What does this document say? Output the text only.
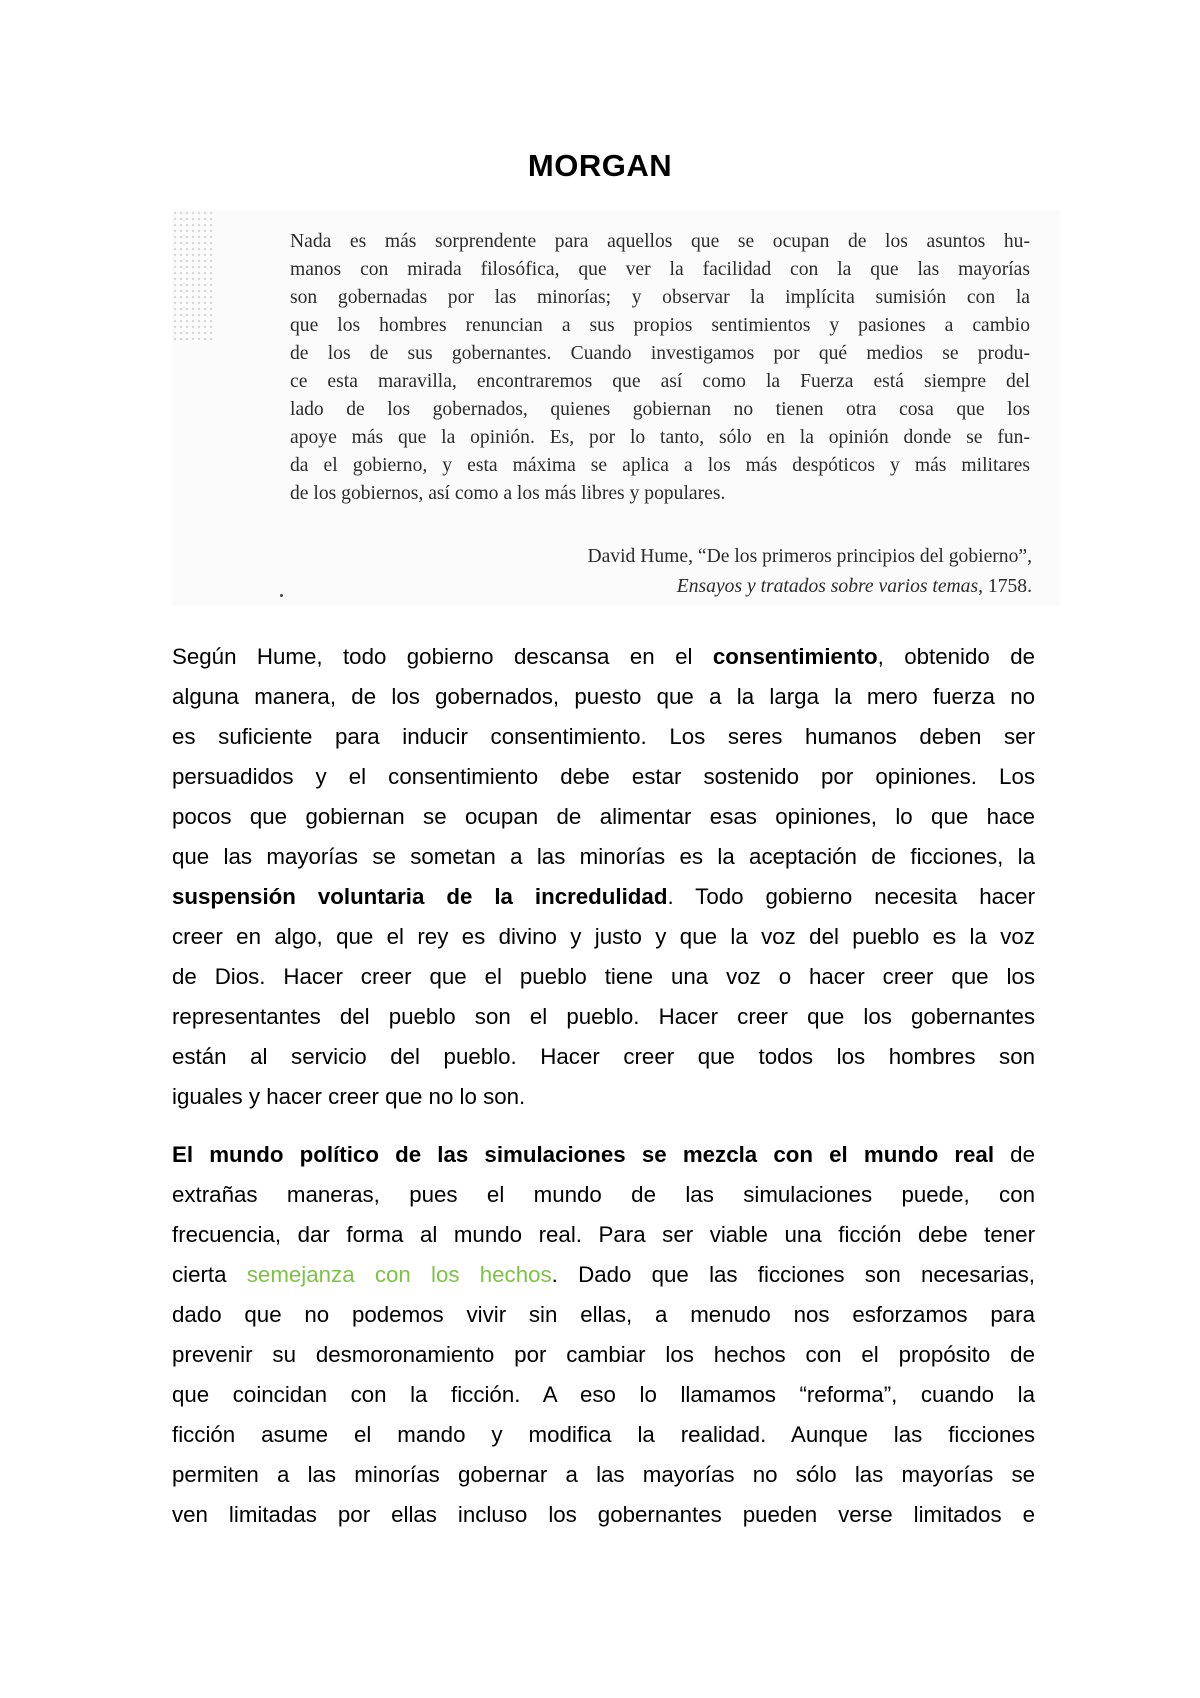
MORGAN
Nada es más sorprendente para aquellos que se ocupan de los asuntos hu-
manos con mirada filosófica, que ver la facilidad con la que las mayorías
son gobernadas por las minorías; y observar la implícita sumisión con la
que los hombres renuncian a sus propios sentimientos y pasiones a cambio
de los de sus gobernantes. Cuando investigamos por qué medios se produ-
ce esta maravilla, encontraremos que así como la Fuerza está siempre del
lado de los gobernados, quienes gobiernan no tienen otra cosa que los
apoye más que la opinión. Es, por lo tanto, sólo en la opinión donde se fun-
da el gobierno, y esta máxima se aplica a los más despóticos y más militares
de los gobiernos, así como a los más libres y populares.
David Hume, “De los primeros principios del gobierno”,
Ensayos y tratados sobre varios temas, 1758.
Según Hume, todo gobierno descansa en el consentimiento, obtenido de
alguna manera, de los gobernados, puesto que a la larga la mero fuerza no
es suficiente para inducir consentimiento. Los seres humanos deben ser
persuadidos y el consentimiento debe estar sostenido por opiniones. Los
pocos que gobiernan se ocupan de alimentar esas opiniones, lo que hace
que las mayorías se sometan a las minorías es la aceptación de ficciones, la
suspensión voluntaria de la incredulidad. Todo gobierno necesita hacer
creer en algo, que el rey es divino y justo y que la voz del pueblo es la voz
de Dios. Hacer creer que el pueblo tiene una voz o hacer creer que los
representantes del pueblo son el pueblo. Hacer creer que los gobernantes
están al servicio del pueblo. Hacer creer que todos los hombres son
iguales y hacer creer que no lo son.
El mundo político de las simulaciones se mezcla con el mundo real de
extrañas maneras, pues el mundo de las simulaciones puede, con
frecuencia, dar forma al mundo real. Para ser viable una ficción debe tener
cierta semejanza con los hechos. Dado que las ficciones son necesarias,
dado que no podemos vivir sin ellas, a menudo nos esforzamos para
prevenir su desmoronamiento por cambiar los hechos con el propósito de
que coincidan con la ficción. A eso lo llamamos “reforma”, cuando la
ficción asume el mando y modifica la realidad. Aunque las ficciones
permiten a las minorías gobernar a las mayorías no sólo las mayorías se
ven limitadas por ellas incluso los gobernantes pueden verse limitados e
